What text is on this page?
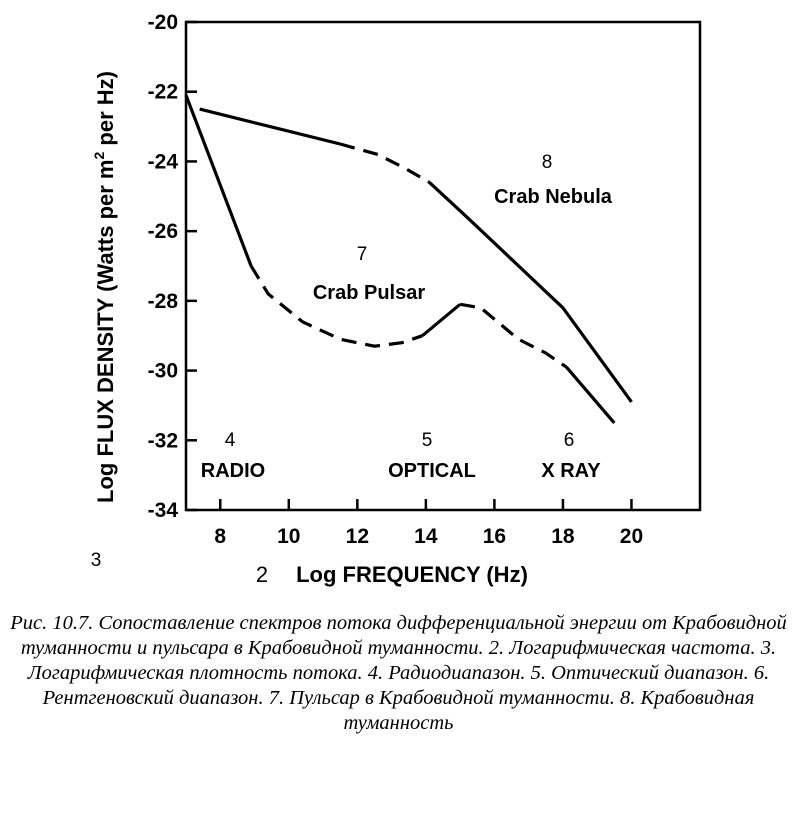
-20
-22
-24
-26
-28
-30
-32
-34
8 10 12 14 16 18 20
8
Crab Nebula
7
Crab Pulsar
4
RADIO
5
OPTICAL
6
X RAY
Log FLUX DENSITY (Watts per $m^2$ per Hz)
3
2 Log FREQUENCY (Hz)

Рис. 10.7. Сопоставление спектров потока дифференциальной энергии от Крабовидной туманности и пульсара в Крабовидной туманности. 2. Логарифмическая частота. 3. Логарифмическая плотность потока. 4. Радиодиапазон. 5. Оптический диапазон. 6. Рентгеновский диапазон. 7. Пульсар в Крабовидной туманности. 8. Крабовидная туманность
